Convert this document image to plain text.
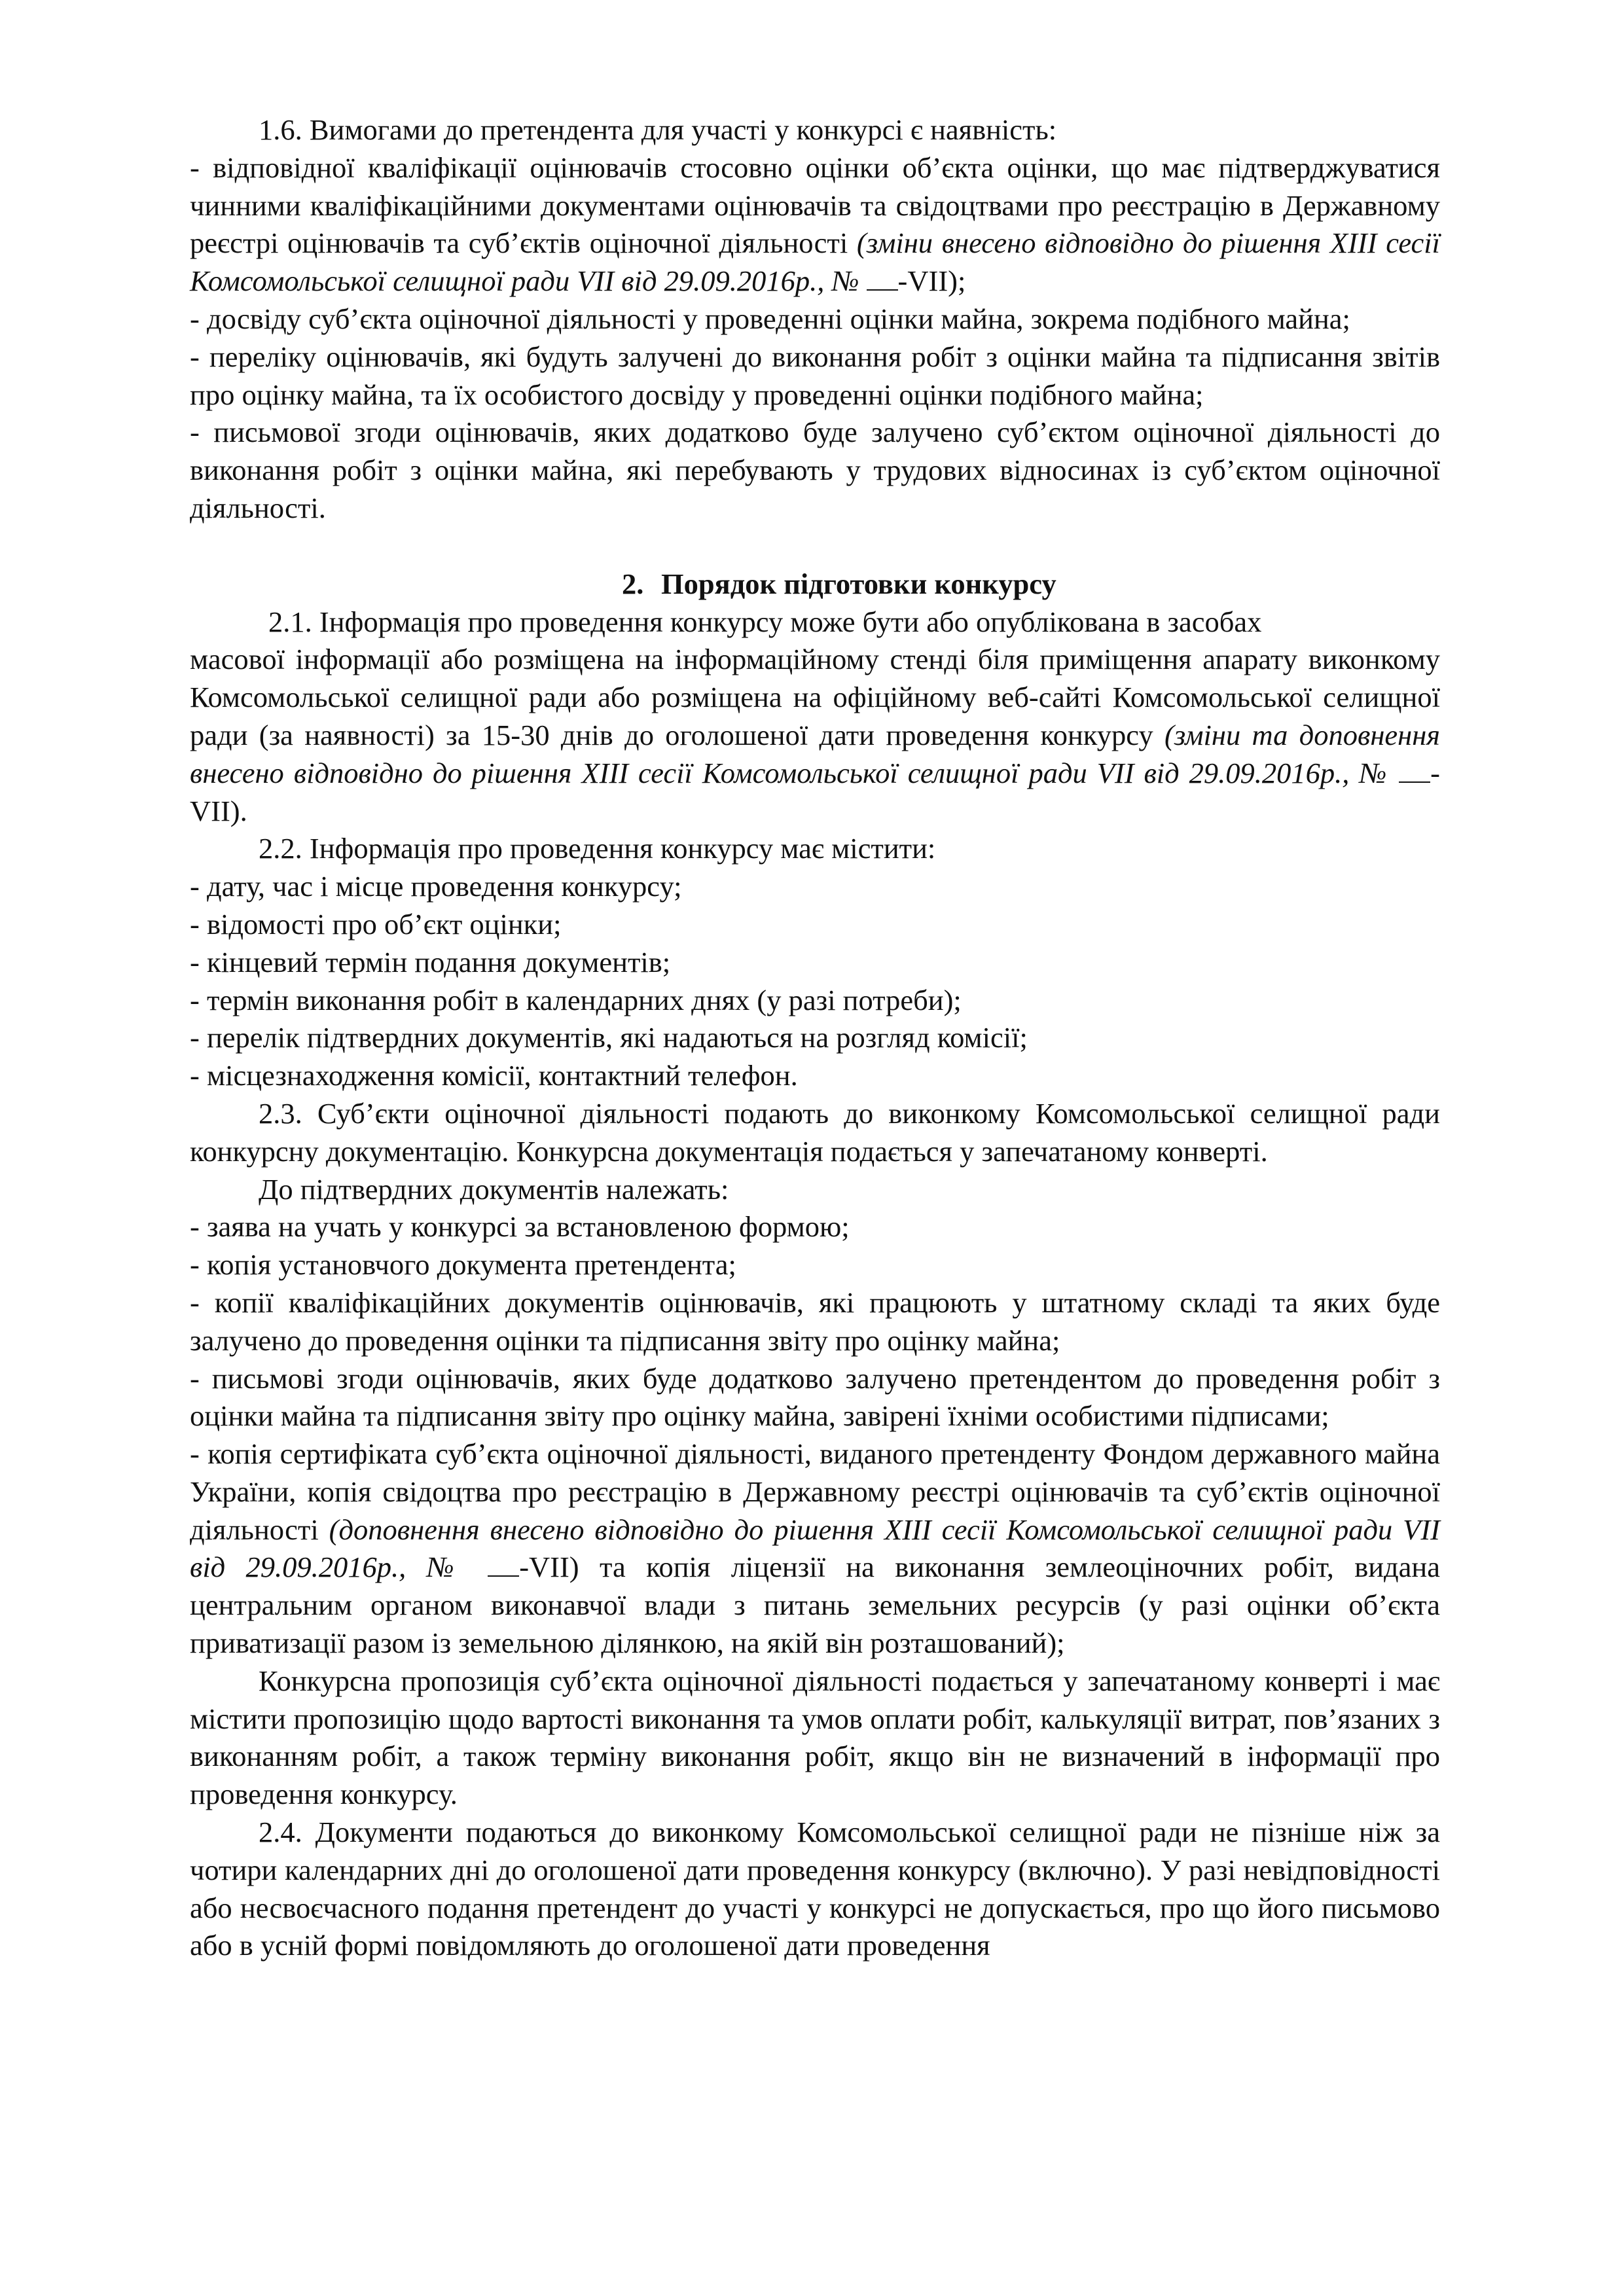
1.6. Вимогами до претендента для участі у конкурсі є наявність:

- відповідної кваліфікації оцінювачів стосовно оцінки об’єкта оцінки, що має підтверджуватися чинними кваліфікаційними документами оцінювачів та свідоцтвами про реєстрацію в Державному реєстрі оцінювачів та суб’єктів оціночної діяльності (зміни внесено відповідно до рішення XIII сесії Комсомольської селищної ради VII від 29.09.2016р., № -VII);

- досвіду суб’єкта оціночної діяльності у проведенні оцінки майна, зокрема подібного майна;

- переліку оцінювачів, які будуть залучені до виконання робіт з оцінки майна та підписання звітів про оцінку майна, та їх особистого досвіду у проведенні оцінки подібного майна;

- письмової згоди оцінювачів, яких додатково буде залучено суб’єктом оціночної діяльності до виконання робіт з оцінки майна, які перебувають у трудових відносинах із суб’єктом оціночної діяльності.

2. Порядок підготовки конкурсу

2.1. Інформація про проведення конкурсу може бути або опублікована в засобах

масової інформації або розміщена на інформаційному стенді біля приміщення апарату виконкому Комсомольської селищної ради або розміщена на офіційному веб-сайті Комсомольської селищної ради (за наявності) за 15-30 днів до оголошеної дати проведення конкурсу (зміни та доповнення внесено відповідно до рішення XIII сесії Комсомольської селищної ради VII від 29.09.2016р., № -VII).

2.2. Інформація про проведення конкурсу має містити:

- дату, час і місце проведення конкурсу;

- відомості про об’єкт оцінки;

- кінцевий термін подання документів;

- термін виконання робіт в календарних днях (у разі потреби);

- перелік підтвердних документів, які надаються на розгляд комісії;

- місцезнаходження комісії, контактний телефон.

2.3. Суб’єкти оціночної діяльності подають до виконкому Комсомольської селищної ради конкурсну документацію. Конкурсна документація подається у запечатаному конверті.

До підтвердних документів належать:

- заява на учать у конкурсі за встановленою формою;

- копія установчого документа претендента;

- копії кваліфікаційних документів оцінювачів, які працюють у штатному складі та яких буде залучено до проведення оцінки та підписання звіту про оцінку майна;

- письмові згоди оцінювачів, яких буде додатково залучено претендентом до проведення робіт з оцінки майна та підписання звіту про оцінку майна, завірені їхніми особистими підписами;

- копія сертифіката суб’єкта оціночної діяльності, виданого претенденту Фондом державного майна України, копія свідоцтва про реєстрацію в Державному реєстрі оцінювачів та суб’єктів оціночної діяльності (доповнення внесено відповідно до рішення XIII сесії Комсомольської селищної ради VII від 29.09.2016р., № -VII) та копія ліцензії на виконання землеоціночних робіт, видана центральним органом виконавчої влади з питань земельних ресурсів (у разі оцінки об’єкта приватизації разом із земельною ділянкою, на якій він розташований);

Конкурсна пропозиція суб’єкта оціночної діяльності подається у запечатаному конверті і має містити пропозицію щодо вартості виконання та умов оплати робіт, калькуляції витрат, пов’язаних з виконанням робіт, а також терміну виконання робіт, якщо він не визначений в інформації про проведення конкурсу.

2.4. Документи подаються до виконкому Комсомольської селищної ради не пізніше ніж за чотири календарних дні до оголошеної дати проведення конкурсу (включно). У разі невідповідності або несвоєчасного подання претендент до участі у конкурсі не допускається, про що його письмово або в усній формі повідомляють до оголошеної дати проведення
